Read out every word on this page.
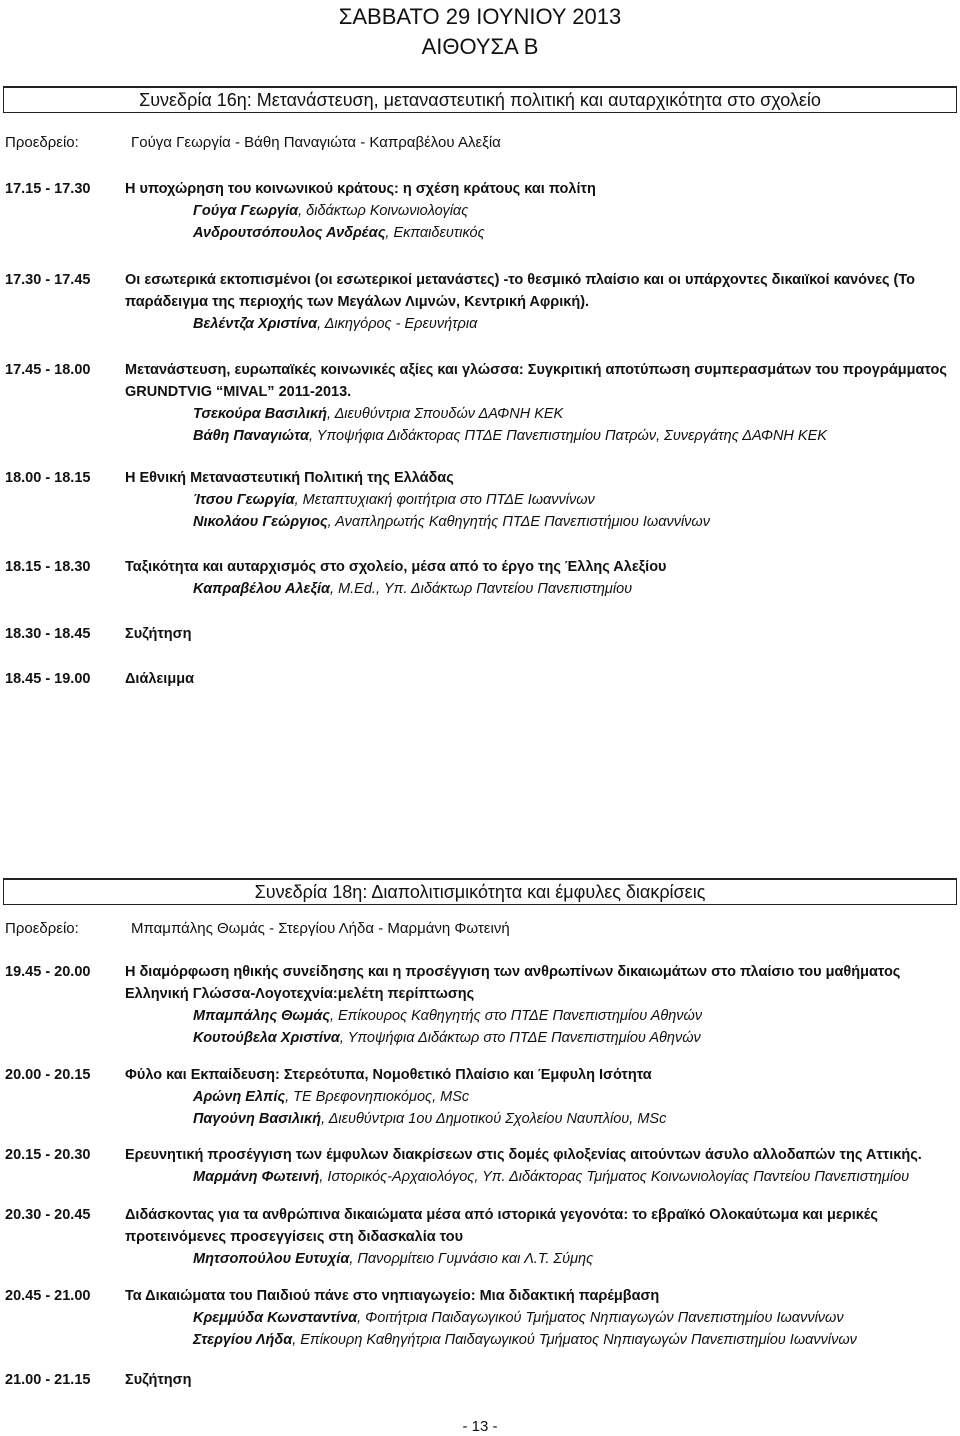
ΣΑΒΒΑΤΟ 29 ΙΟΥΝΙΟΥ 2013
ΑΙΘΟΥΣΑ Β
Συνεδρία 16η: Μετανάστευση, μεταναστευτική πολιτική και αυταρχικότητα στο σχολείο
Προεδρείο:	Γούγα Γεωργία - Βάθη Παναγιώτα - Καπραβέλου Αλεξία
17.15 - 17.30	Η υποχώρηση του κοινωνικού κράτους: η σχέση κράτους και πολίτη
Γούγα Γεωργία, διδάκτωρ Κοινωνιολογίας
Ανδρουτσόπουλος Ανδρέας, Εκπαιδευτικός
17.30 - 17.45	Οι εσωτερικά εκτοπισμένοι (οι εσωτερικοί μετανάστες) -το θεσμικό πλαίσιο και οι υπάρχοντες δικαιϊκοί κανόνες (Το
παράδειγμα της περιοχής των Μεγάλων Λιμνών, Κεντρική Αφρική).
Βελέντζα Χριστίνα, Δικηγόρος - Ερευνήτρια
17.45 - 18.00	Μετανάστευση, ευρωπαϊκές κοινωνικές αξίες και γλώσσα: Συγκριτική αποτύπωση συμπερασμάτων του προγράμματος
GRUNDTVIG “MIVAL” 2011-2013.
Τσεκούρα Βασιλική, Διευθύντρια Σπουδών ΔΑΦΝΗ ΚΕΚ
Βάθη Παναγιώτα, Υποψήφια Διδάκτορας ΠΤΔΕ Πανεπιστημίου Πατρών, Συνεργάτης ΔΑΦΝΗ ΚΕΚ
18.00 - 18.15	Η Εθνική Μεταναστευτική Πολιτική της Ελλάδας
Ίτσου Γεωργία, Μεταπτυχιακή φοιτήτρια στο ΠΤΔΕ Ιωαννίνων
Νικολάου Γεώργιος, Αναπληρωτής Καθηγητής ΠΤΔΕ Πανεπιστήμιου Ιωαννίνων
18.15 - 18.30	Ταξικότητα και αυταρχισμός στο σχολείο, μέσα από το έργο της Έλλης Αλεξίου
Καπραβέλου Αλεξία, M.Ed., Υπ. Διδάκτωρ Παντείου Πανεπιστημίου
18.30 - 18.45	Συζήτηση
18.45 - 19.00	Διάλειμμα
Συνεδρία 18η: Διαπολιτισμικότητα και έμφυλες διακρίσεις
Προεδρείο:	Μπαμπάλης Θωμάς - Στεργίου Λήδα - Μαρμάνη Φωτεινή
19.45 - 20.00	Η διαμόρφωση ηθικής συνείδησης και η προσέγγιση των ανθρωπίνων δικαιωμάτων στο πλαίσιο του μαθήματος
Ελληνική Γλώσσα-Λογοτεχνία:μελέτη περίπτωσης
Μπαμπάλης Θωμάς, Επίκουρος Καθηγητής στο ΠΤΔΕ Πανεπιστημίου Αθηνών
Κουτούβελα Χριστίνα, Υποψήφια Διδάκτωρ στο ΠΤΔΕ Πανεπιστημίου Αθηνών
20.00 - 20.15	Φύλο και Εκπαίδευση: Στερεότυπα, Νομοθετικό Πλαίσιο και Έμφυλη Ισότητα
Αρώνη Ελπίς, ΤΕ Βρεφονηπιοκόμος, MSc
Παγούνη Βασιλική, Διευθύντρια 1ου Δημοτικού Σχολείου Ναυπλίου, MSc
20.15 - 20.30	Ερευνητική προσέγγιση των έμφυλων διακρίσεων στις δομές φιλοξενίας αιτούντων άσυλο αλλοδαπών της Αττικής.
Μαρμάνη Φωτεινή, Ιστορικός-Αρχαιολόγος, Υπ. Διδάκτορας Τμήματος Κοινωνιολογίας Παντείου Πανεπιστημίου
20.30 - 20.45	Διδάσκοντας για τα ανθρώπινα δικαιώματα μέσα από ιστορικά γεγονότα: το εβραϊκό Ολοκαύτωμα και μερικές
προτεινόμενες προσεγγίσεις στη διδασκαλία του
Μητσοπούλου Ευτυχία, Πανορμίτειο Γυμνάσιο και Λ.Τ. Σύμης
20.45 - 21.00	Τα Δικαιώματα του Παιδιού πάνε στο νηπιαγωγείο: Μια διδακτική παρέμβαση
Κρεμμύδα Κωνσταντίνα, Φοιτήτρια Παιδαγωγικού Τμήματος Νηπιαγωγών Πανεπιστημίου Ιωαννίνων
Στεργίου Λήδα, Επίκουρη Καθηγήτρια Παιδαγωγικού Τμήματος Νηπιαγωγών Πανεπιστημίου Ιωαννίνων
21.00 - 21.15	Συζήτηση
- 13 -
